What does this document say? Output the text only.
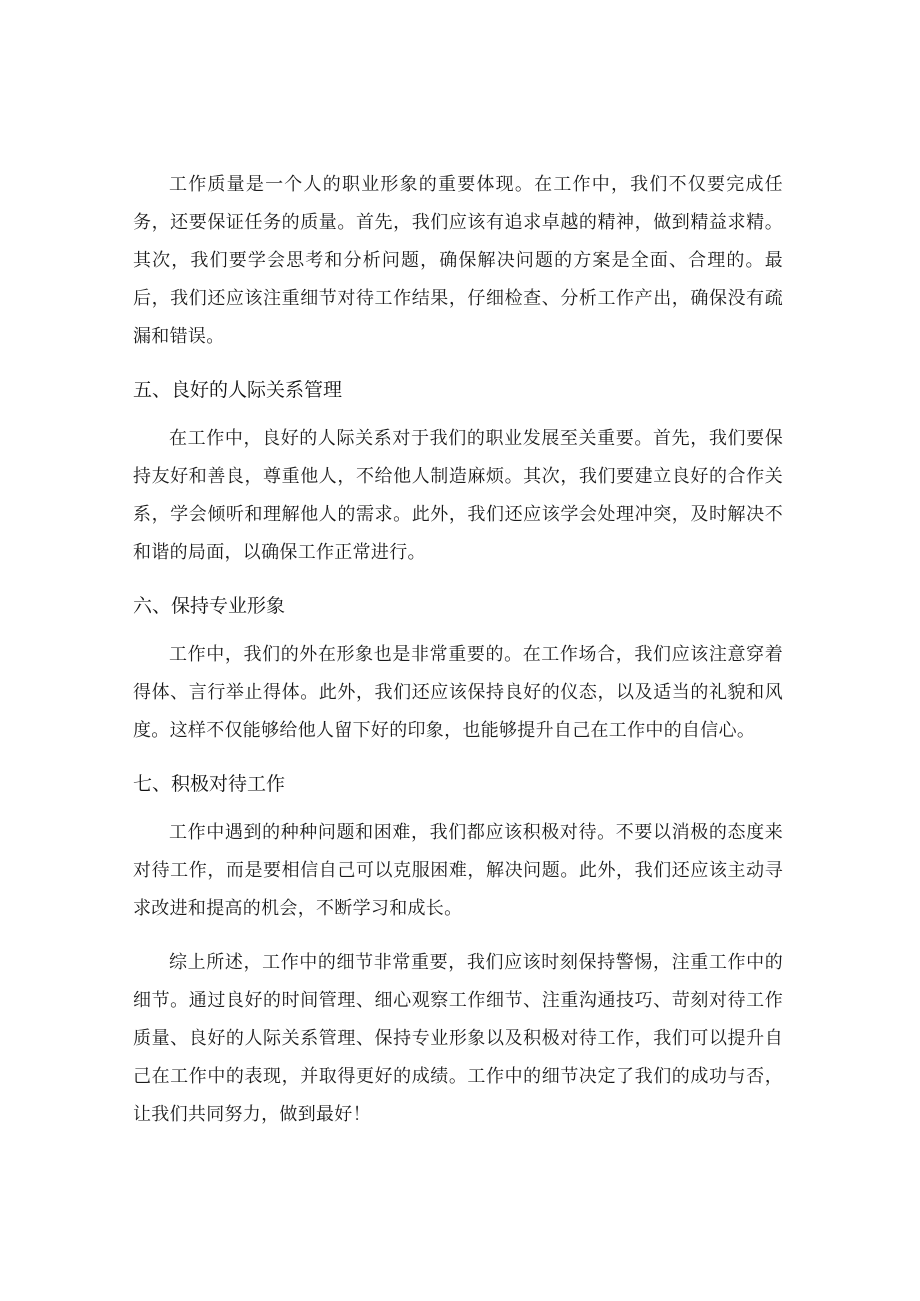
工作质量是一个人的职业形象的重要体现。在工作中，我们不仅要完成任务，还要保证任务的质量。首先，我们应该有追求卓越的精神，做到精益求精。其次，我们要学会思考和分析问题，确保解决问题的方案是全面、合理的。最后，我们还应该注重细节对待工作结果，仔细检查、分析工作产出，确保没有疏漏和错误。

五、良好的人际关系管理

在工作中，良好的人际关系对于我们的职业发展至关重要。首先，我们要保持友好和善良，尊重他人，不给他人制造麻烦。其次，我们要建立良好的合作关系，学会倾听和理解他人的需求。此外，我们还应该学会处理冲突，及时解决不和谐的局面，以确保工作正常进行。

六、保持专业形象

工作中，我们的外在形象也是非常重要的。在工作场合，我们应该注意穿着得体、言行举止得体。此外，我们还应该保持良好的仪态，以及适当的礼貌和风度。这样不仅能够给他人留下好的印象，也能够提升自己在工作中的自信心。

七、积极对待工作

工作中遇到的种种问题和困难，我们都应该积极对待。不要以消极的态度来对待工作，而是要相信自己可以克服困难，解决问题。此外，我们还应该主动寻求改进和提高的机会，不断学习和成长。

综上所述，工作中的细节非常重要，我们应该时刻保持警惕，注重工作中的细节。通过良好的时间管理、细心观察工作细节、注重沟通技巧、苛刻对待工作质量、良好的人际关系管理、保持专业形象以及积极对待工作，我们可以提升自己在工作中的表现，并取得更好的成绩。工作中的细节决定了我们的成功与否，让我们共同努力，做到最好！
